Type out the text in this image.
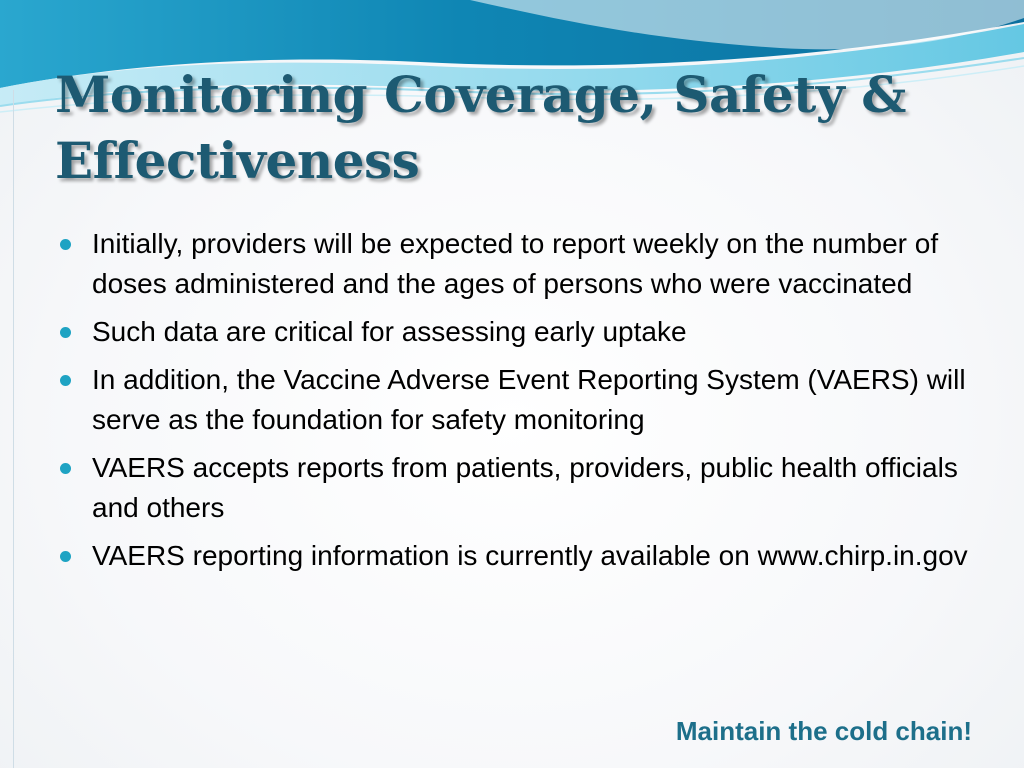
Monitoring Coverage, Safety & Effectiveness
Initially, providers will be expected to report weekly on the number of doses administered and the ages of persons who were vaccinated
Such data are critical for assessing early uptake
In addition, the Vaccine Adverse Event Reporting System (VAERS) will serve as the foundation for safety monitoring
VAERS accepts reports from patients, providers, public health officials and others
VAERS reporting information is currently available on www.chirp.in.gov

Maintain the cold chain!
